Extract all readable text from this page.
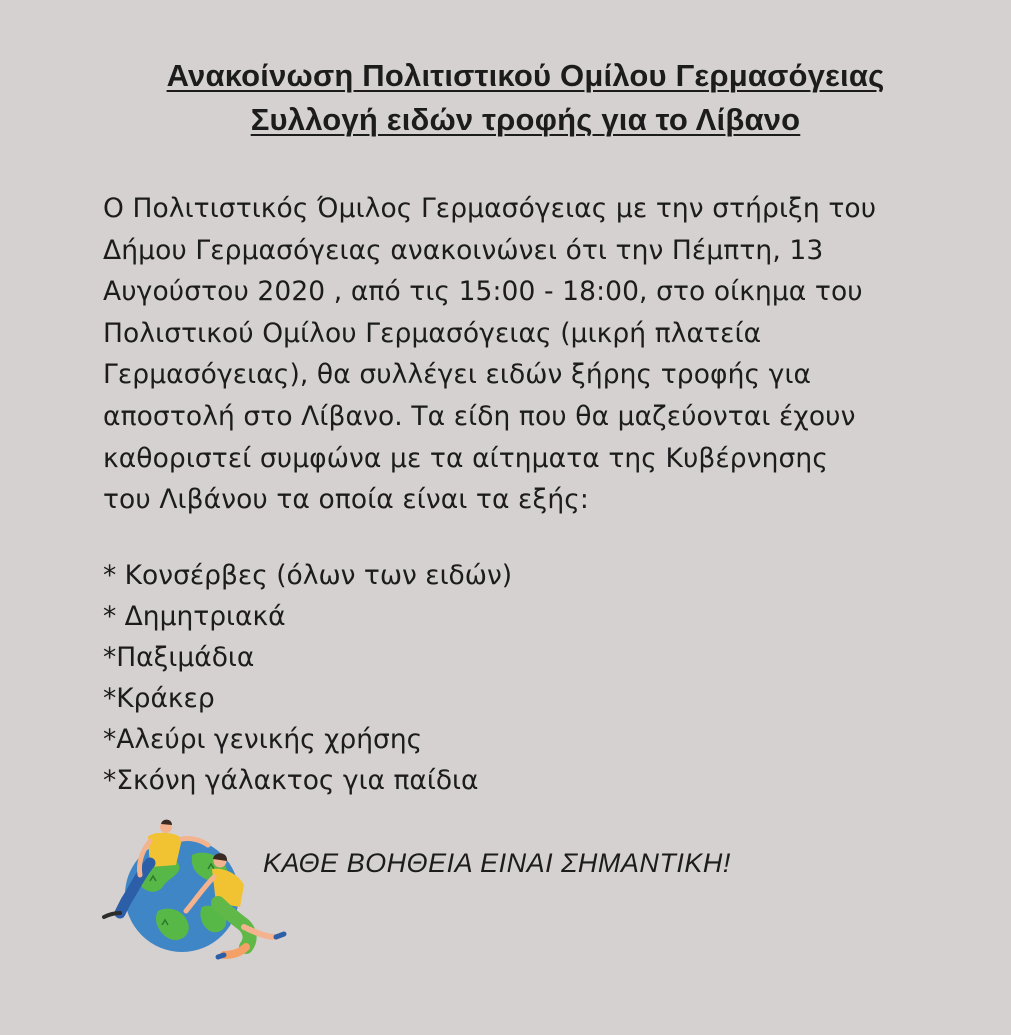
Ανακοίνωση Πολιτιστικού Ομίλου Γερμασόγειας
Συλλογή ειδών τροφής για το Λίβανο
Ο Πολιτιστικός Όμιλος Γερμασόγειας με την στήριξη του
Δήμου Γερμασόγειας ανακοινώνει ότι την Πέμπτη, 13
Αυγούστου 2020 , από τις 15:00 - 18:00, στο οίκημα του
Πολιστικού Ομίλου Γερμασόγειας (μικρή πλατεία
Γερμασόγειας), θα συλλέγει ειδών ξήρης τροφής για
αποστολή στο Λίβανο. Τα είδη που θα μαζεύονται έχουν
καθοριστεί συμφώνα με τα αίτηματα της Κυβέρνησης
του Λιβάνου τα οποία είναι τα εξής:
* Κονσέρβες (όλων των ειδών)
* Δημητριακά
*Παξιμάδια
*Κράκερ
*Αλεύρι γενικής χρήσης
*Σκόνη γάλακτος για παίδια
ΚΑΘΕ ΒΟΗΘΕΙΑ ΕΙΝΑΙ ΣΗΜΑΝΤΙΚΗ!
